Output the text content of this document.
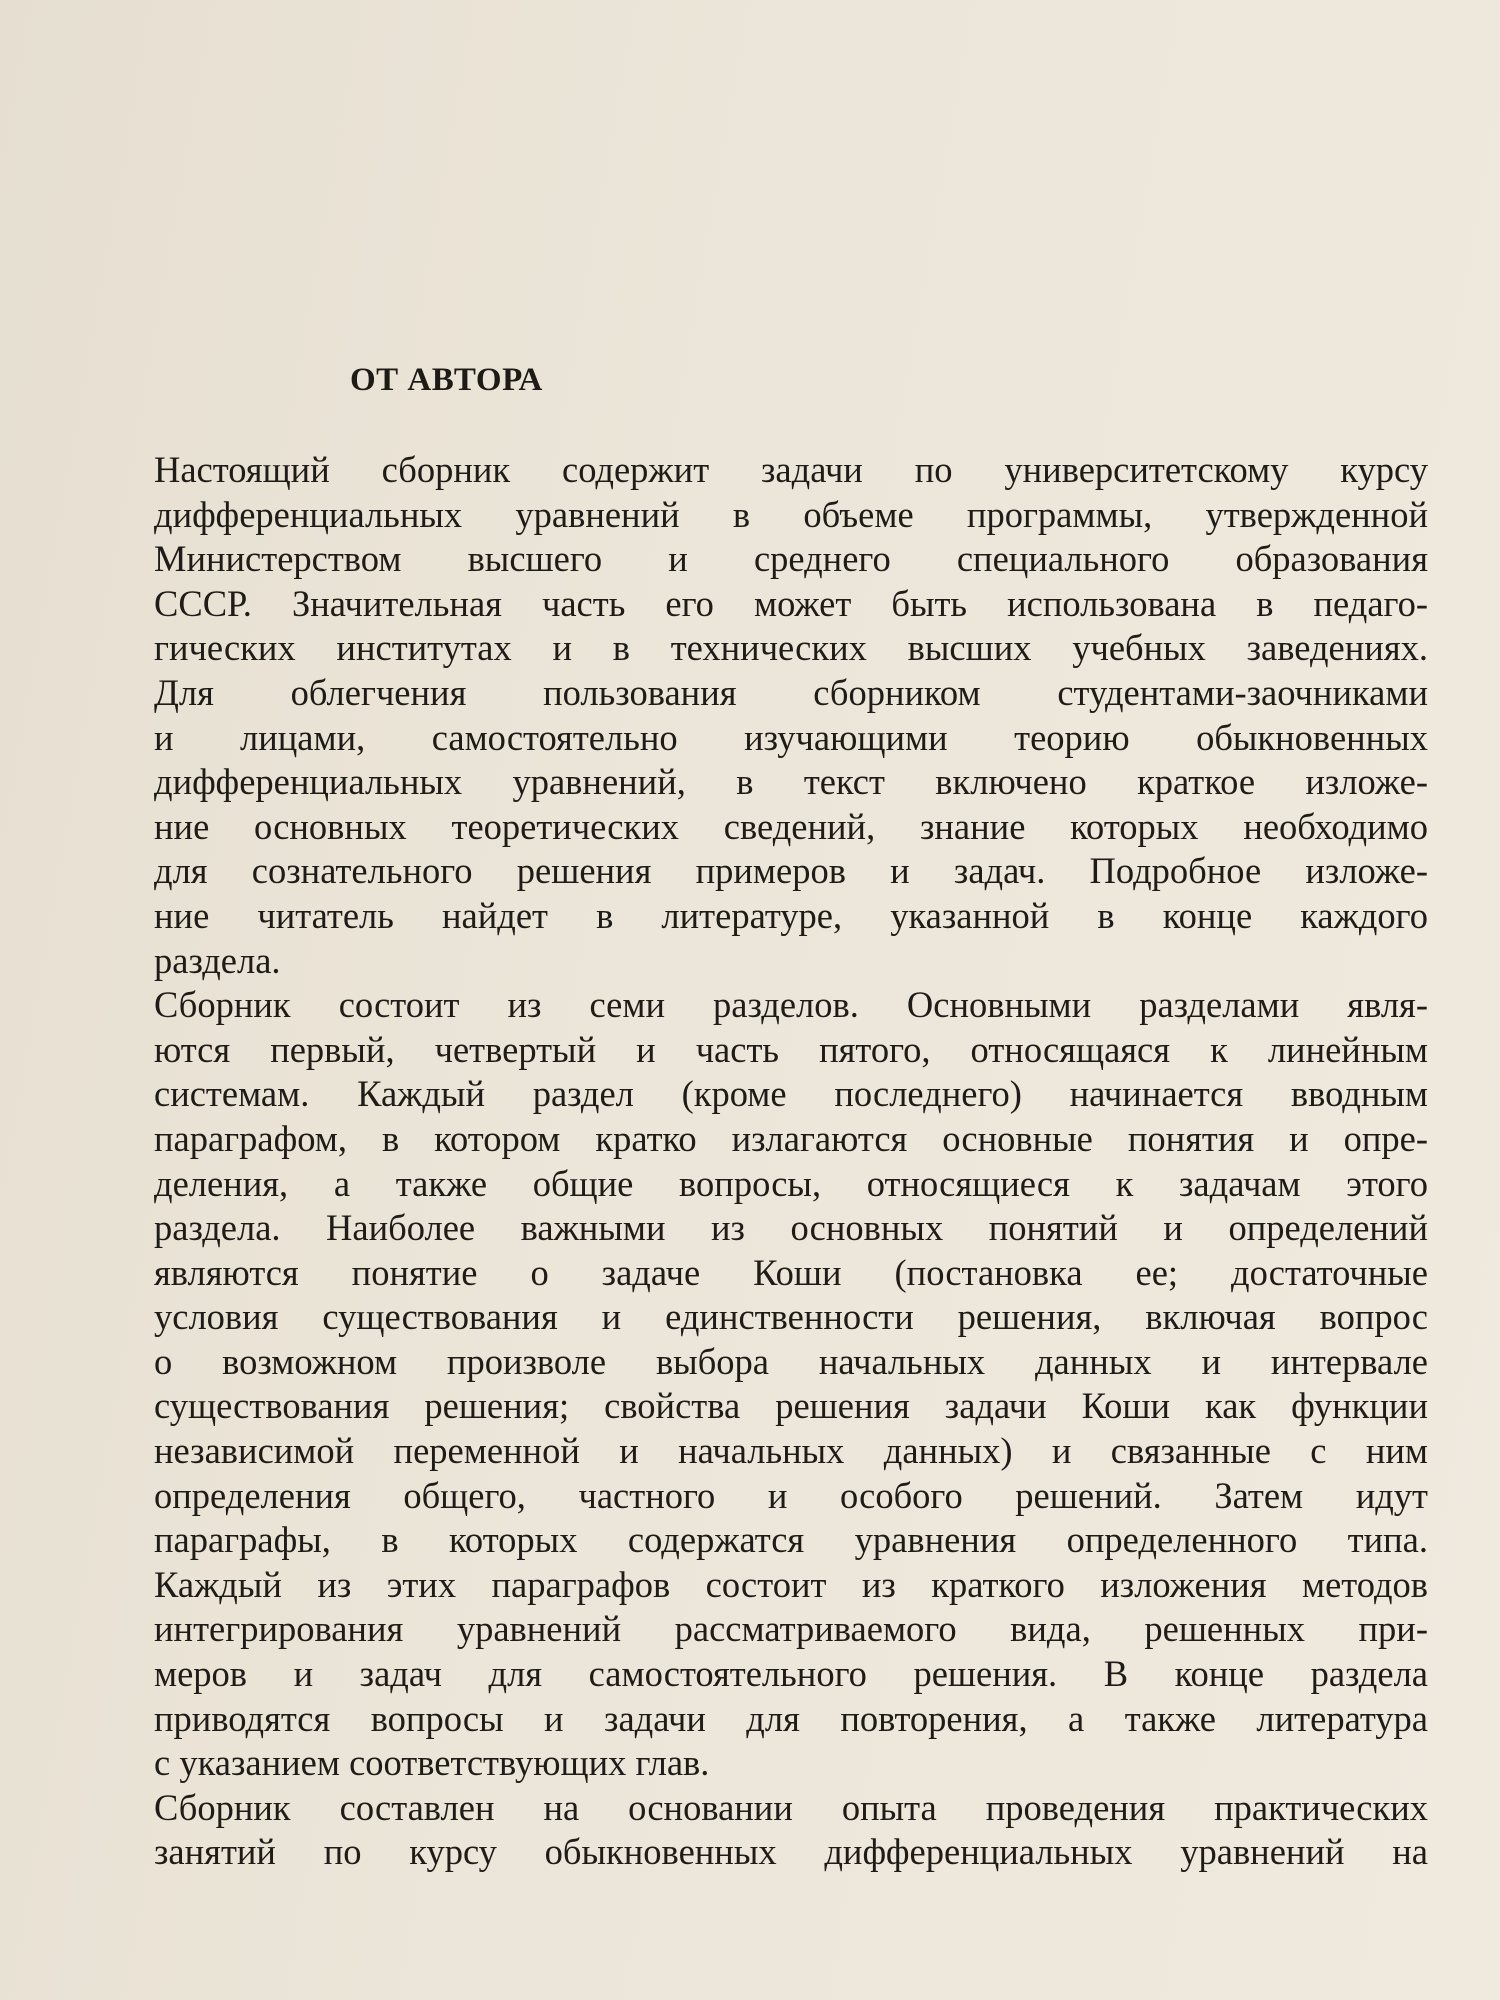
ОТ АВТОРА

Настоящий сборник содержит задачи по университетскому курсу
дифференциальных уравнений в объеме программы, утвержденной
Министерством высшего и среднего специального образования
СССР. Значительная часть его может быть использована в педаго-
гических институтах и в технических высших учебных заведениях.

Для облегчения пользования сборником студентами-заочниками
и лицами, самостоятельно изучающими теорию обыкновенных
дифференциальных уравнений, в текст включено краткое изложе-
ние основных теоретических сведений, знание которых необходимо
для сознательного решения примеров и задач. Подробное изложе-
ние читатель найдет в литературе, указанной в конце каждого
раздела.

Сборник состоит из семи разделов. Основными разделами явля-
ются первый, четвертый и часть пятого, относящаяся к линейным
системам. Каждый раздел (кроме последнего) начинается вводным
параграфом, в котором кратко излагаются основные понятия и опре-
деления, а также общие вопросы, относящиеся к задачам этого
раздела. Наиболее важными из основных понятий и определений
являются понятие о задаче Коши (постановка ее; достаточные
условия существования и единственности решения, включая вопрос
о возможном произволе выбора начальных данных и интервале
существования решения; свойства решения задачи Коши как функции
независимой переменной и начальных данных) и связанные с ним
определения общего, частного и особого решений. Затем идут
параграфы, в которых содержатся уравнения определенного типа.
Каждый из этих параграфов состоит из краткого изложения методов
интегрирования уравнений рассматриваемого вида, решенных при-
меров и задач для самостоятельного решения. В конце раздела
приводятся вопросы и задачи для повторения, а также литература
с указанием соответствующих глав.

Сборник составлен на основании опыта проведения практических
занятий по курсу обыкновенных дифференциальных уравнений на
